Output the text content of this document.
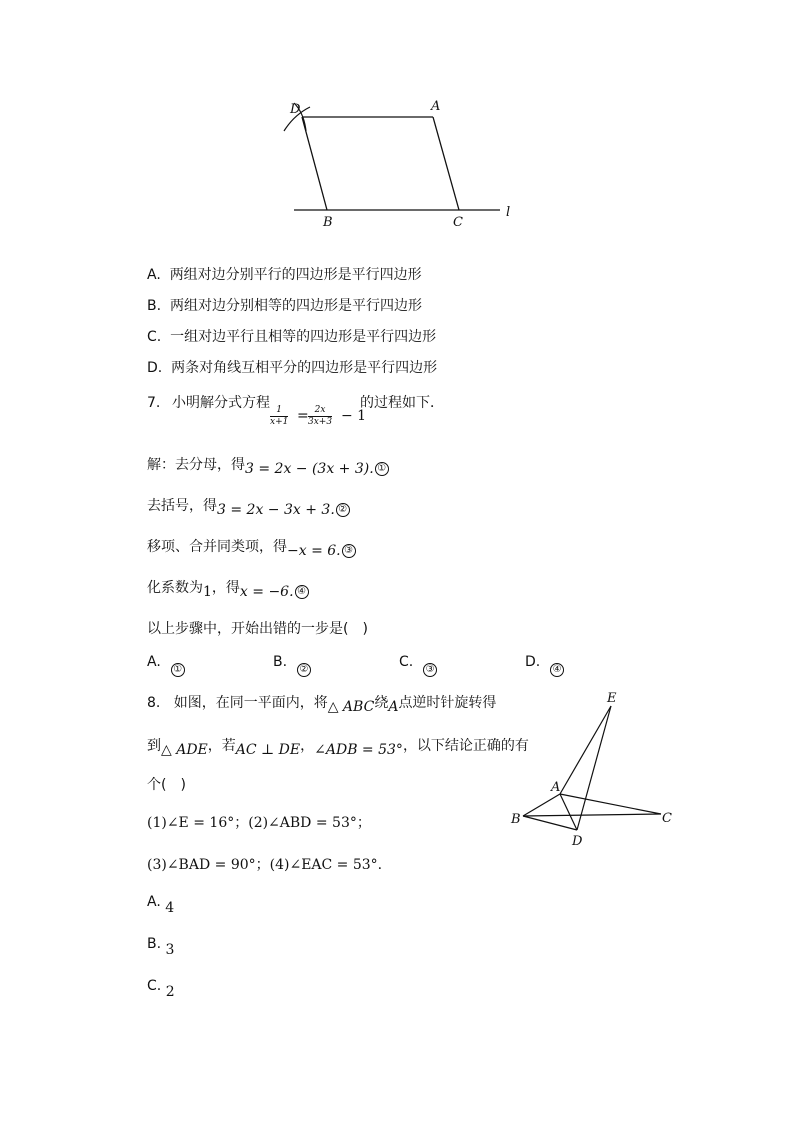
D	A
B	C
l
A. 两组对边分别平行的四边形是平行四边形
B. 两组对边分别相等的四边形是平行四边形
C. 一组对边平行且相等的四边形是平行四边形
D. 两条对角线互相平分的四边形是平行四边形
7. 小明解分式方程
$\frac{1}{x+1} = \frac{2x}{3x+3} - 1$
的过程如下．
解：去分母，得3 = 2x − (3x + 3). ①
去括号，得3 = 2x − 3x + 3. ②
移项、合并同类项，得−x = 6. ③
化系数为1，得x = −6. ④
以上步骤中，开始出错的一步是(　)
A. ①	B. ②	C. ③	D. ④
8. 如图，在同一平面内，将△ ABC绕A点逆时针旋转得
到△ ADE，若AC ⊥ DE，∠ADB = 53°，以下结论正确的有
个(　)
(1)∠E = 16°；(2)∠ABD = 53°；
(3)∠BAD = 90°；(4)∠EAC = 53°.
A. 4
B. 3
C. 2
E
A
B	C
D
